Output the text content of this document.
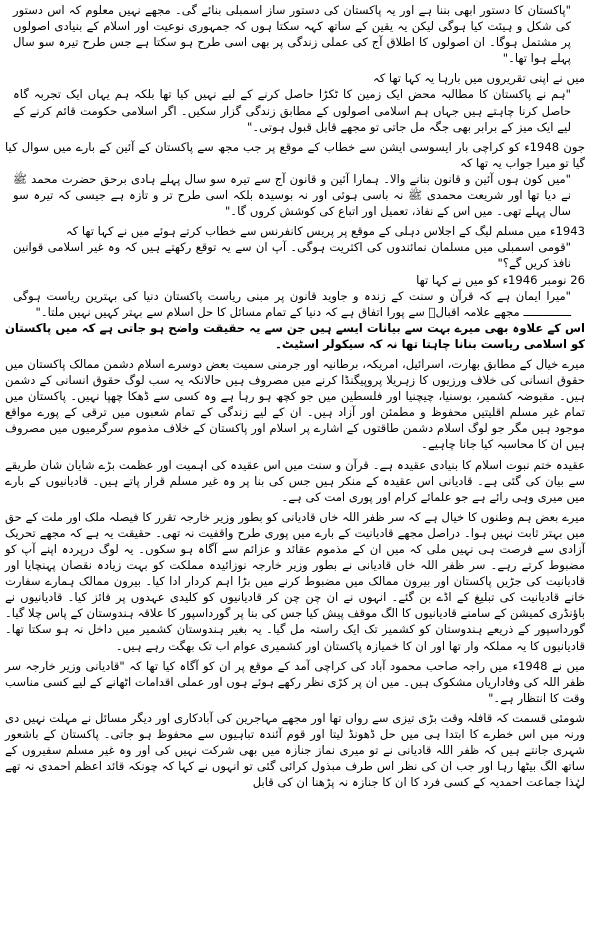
"پاکستان کا دستور ابھی بننا ہے اور یہ پاکستان کی دستور ساز اسمبلی بنائے گی۔ مجھے نہیں معلوم کہ اس دستور کی شکل و ہیئت کیا ہوگی لیکن یہ یقین کے ساتھ کہہ سکتا ہوں کہ جمہوری نوعیت اور اسلام کے بنیادی اصولوں پر مشتمل ہوگا۔ ان اصولوں کا اطلاق آج کی عملی زندگی پر بھی اسی طرح ہو سکتا ہے جس طرح تیرہ سو سال پہلے ہوا تھا۔"

میں نے اپنی تقریروں میں بارہا یہ کہا تھا کہ

"ہم نے پاکستان کا مطالبہ محض ایک زمین کا ٹکڑا حاصل کرنے کے لیے نہیں کیا تھا بلکہ ہم یہاں ایک تجربہ گاہ حاصل کرنا چاہتے ہیں جہاں ہم اسلامی اصولوں کے مطابق زندگی گزار سکیں۔ اگر اسلامی حکومت قائم کرنے کے لیے ایک میز کے برابر بھی جگہ مل جاتی تو مجھے قابل قبول ہوتی۔"

جون 1948ء کو کراچی بار ایسوسی ایشن سے خطاب کے موقع پر جب مجھ سے پاکستان کے آئین کے بارے میں سوال کیا گیا تو میرا جواب یہ تھا کہ

"میں کون ہوں آئین و قانون بنانے والا۔ ہمارا آئین و قانون آج سے تیرہ سو سال پہلے ہادی برحق حضرت محمد ﷺ نے دیا تھا اور شریعت محمدی ﷺ نہ باسی ہوئی اور نہ بوسیدہ بلکہ اسی طرح تر و تازہ ہے جیسی کہ تیرہ سو سال پہلے تھی۔ میں اس کے نفاذ، تعمیل اور اتباع کی کوشش کروں گا۔"

1943ء میں مسلم لیگ کے اجلاس دہلی کے موقع پر پریس کانفرنس سے خطاب کرتے ہوئے میں نے کہا تھا کہ

"قومی اسمبلی میں مسلمان نمائندوں کی اکثریت ہوگی۔ آپ ان سے یہ توقع رکھتے ہیں کہ وہ غیر اسلامی قوانین نافذ کریں گے؟"

26 نومبر 1946ء کو میں نے کہا تھا

"میرا ایمان ہے کہ قرآن و سنت کے زندہ و جاوید قانون پر مبنی ریاست پاکستان دنیا کی بہترین ریاست ہوگی ــــــــــــــ مجھے علامہ اقبالؒ سے پورا اتفاق ہے کہ دنیا کے تمام مسائل کا حل اسلام سے بہتر کہیں نہیں ملتا۔"

اس کے علاوہ بھی میرے بہت سے بیانات ایسے ہیں جن سے یہ حقیقت واضح ہو جاتی ہے کہ میں پاکستان کو اسلامی ریاست بنانا چاہتا تھا نہ کہ سیکولر اسٹیٹ۔

میرے خیال کے مطابق بھارت، اسرائیل، امریکہ، برطانیہ اور جرمنی سمیت بعض دوسرے اسلام دشمن ممالک پاکستان میں حقوق انسانی کی خلاف ورزیوں کا زہریلا پروپیگنڈا کرنے میں مصروف ہیں حالانکہ یہ سب لوگ حقوق انسانی کے دشمن ہیں۔ مقبوضہ کشمیر، بوسنیا، چیچنیا اور فلسطین میں جو کچھ ہو رہا ہے وہ کسی سے ڈھکا چھپا نہیں۔ پاکستان میں تمام غیر مسلم اقلیتیں محفوظ و مطمئن اور آزاد ہیں۔ ان کے لیے زندگی کے تمام شعبوں میں ترقی کے پورے مواقع موجود ہیں مگر جو لوگ اسلام دشمن طاقتوں کے اشارے پر اسلام اور پاکستان کے خلاف مذموم سرگرمیوں میں مصروف ہیں ان کا محاسبہ کیا جانا چاہیے۔

عقیدہ ختم نبوت اسلام کا بنیادی عقیدہ ہے۔ قرآن و سنت میں اس عقیدہ کی اہمیت اور عظمت بڑے شایان شان طریقے سے بیان کی گئی ہے۔ قادیانی اس عقیدہ کے منکر ہیں جس کی بنا پر وہ غیر مسلم قرار پاتے ہیں۔ قادیانیوں کے بارے میں میری وہی رائے ہے جو علمائے کرام اور پوری امت کی ہے۔

میرے بعض ہم وطنوں کا خیال ہے کہ سر ظفر اللہ خاں قادیانی کو بطور وزیر خارجہ تقرر کا فیصلہ ملک اور ملت کے حق میں بہتر ثابت نہیں ہوا۔ دراصل مجھے قادیانیت کے بارے میں پوری طرح واقفیت نہ تھی۔ حقیقت یہ ہے کہ مجھے تحریک آزادی سے فرصت ہی نہیں ملی کہ میں ان کے مذموم عقائد و عزائم سے آگاہ ہو سکوں۔ یہ لوگ درپردہ اپنے آپ کو مضبوط کرتے رہے۔ سر ظفر اللہ خاں قادیانی نے بطور وزیر خارجہ نوزائیدہ مملکت کو بہت زیادہ نقصان پہنچایا اور قادیانیت کی جڑیں پاکستان اور بیرون ممالک میں مضبوط کرنے میں بڑا اہم کردار ادا کیا۔ بیرون ممالک ہمارے سفارت خانے قادیانیت کی تبلیغ کے اڈے بن گئے۔ انہوں نے ان چن چن کر قادیانیوں کو کلیدی عہدوں پر فائز کیا۔ قادیانیوں نے باؤنڈری کمیشن کے سامنے قادیانیوں کا الگ موقف پیش کیا جس کی بنا پر گورداسپور کا علاقہ ہندوستان کے پاس چلا گیا۔ گورداسپور کے ذریعے ہندوستان کو کشمیر تک ایک راستہ مل گیا۔ یہ بغیر ہندوستان کشمیر میں داخل نہ ہو سکتا تھا۔ قادیانیوں کا یہ مملکہ وار تھا اور ان کا خمیازہ پاکستان اور کشمیری عوام اب تک بھگت رہے ہیں۔

میں نے 1948ء میں راجہ صاحب محمود آباد کی کراچی آمد کے موقع پر ان کو آگاہ کیا تھا کہ "قادیانی وزیر خارجہ سر ظفر اللہ کی وفاداریاں مشکوک ہیں۔ میں ان پر کڑی نظر رکھے ہوئے ہوں اور عملی اقدامات اٹھانے کے لیے کسی مناسب وقت کا انتظار ہے۔"

شومئی قسمت کہ قافلہ وقت بڑی تیزی سے رواں تھا اور مجھے مہاجرین کی آبادکاری اور دیگر مسائل نے مہلت نہیں دی ورنہ میں اس خطرے کا ابتدا ہی میں حل ڈھونڈ لیتا اور قوم آئندہ تباہیوں سے محفوظ ہو جاتی۔ پاکستان کے باشعور شہری جانتے ہیں کہ ظفر اللہ قادیانی نے تو میری نماز جنازہ میں بھی شرکت نہیں کی اور وہ غیر مسلم سفیروں کے ساتھ الگ بیٹھا رہا اور جب ان کی نظر اس طرف مبذول کرائی گئی تو انہوں نے کہا کہ چونکہ قائد اعظم احمدی نہ تھے لہٰذا جماعت احمدیہ کے کسی فرد کا ان کا جنازہ نہ پڑھنا ان کی قابل
